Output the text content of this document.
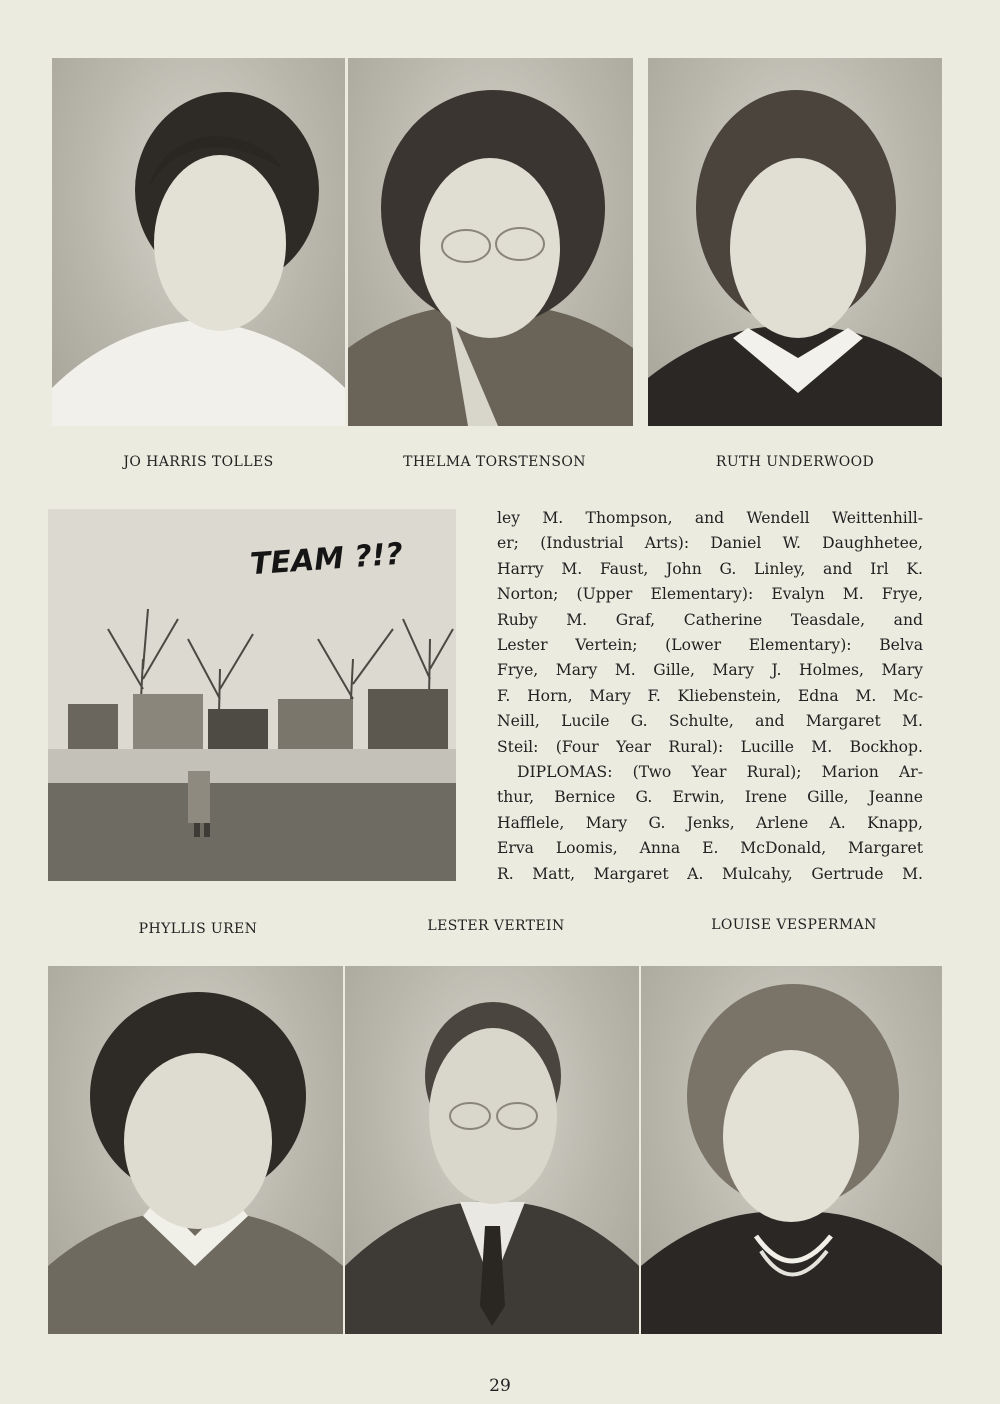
JO HARRIS TOLLES	THELMA TORSTENSON	RUTH UNDERWOOD
TEAM ?!?
ley M. Thompson, and Wendell Weittenhill-
er; (Industrial Arts): Daniel W. Daughhetee,
Harry M. Faust, John G. Linley, and Irl K.
Norton; (Upper Elementary): Evalyn M. Frye,
Ruby M. Graf, Catherine Teasdale, and
Lester Vertein; (Lower Elementary): Belva
Frye, Mary M. Gille, Mary J. Holmes, Mary
F. Horn, Mary F. Kliebenstein, Edna M. Mc-
Neill, Lucile G. Schulte, and Margaret M.
Steil: (Four Year Rural): Lucille M. Bockhop.
DIPLOMAS: (Two Year Rural); Marion Ar-
thur, Bernice G. Erwin, Irene Gille, Jeanne
Hafflele, Mary G. Jenks, Arlene A. Knapp,
Erva Loomis, Anna E. McDonald, Margaret
R. Matt, Margaret A. Mulcahy, Gertrude M.
PHYLLIS UREN	LESTER VERTEIN	LOUISE VESPERMAN
29
